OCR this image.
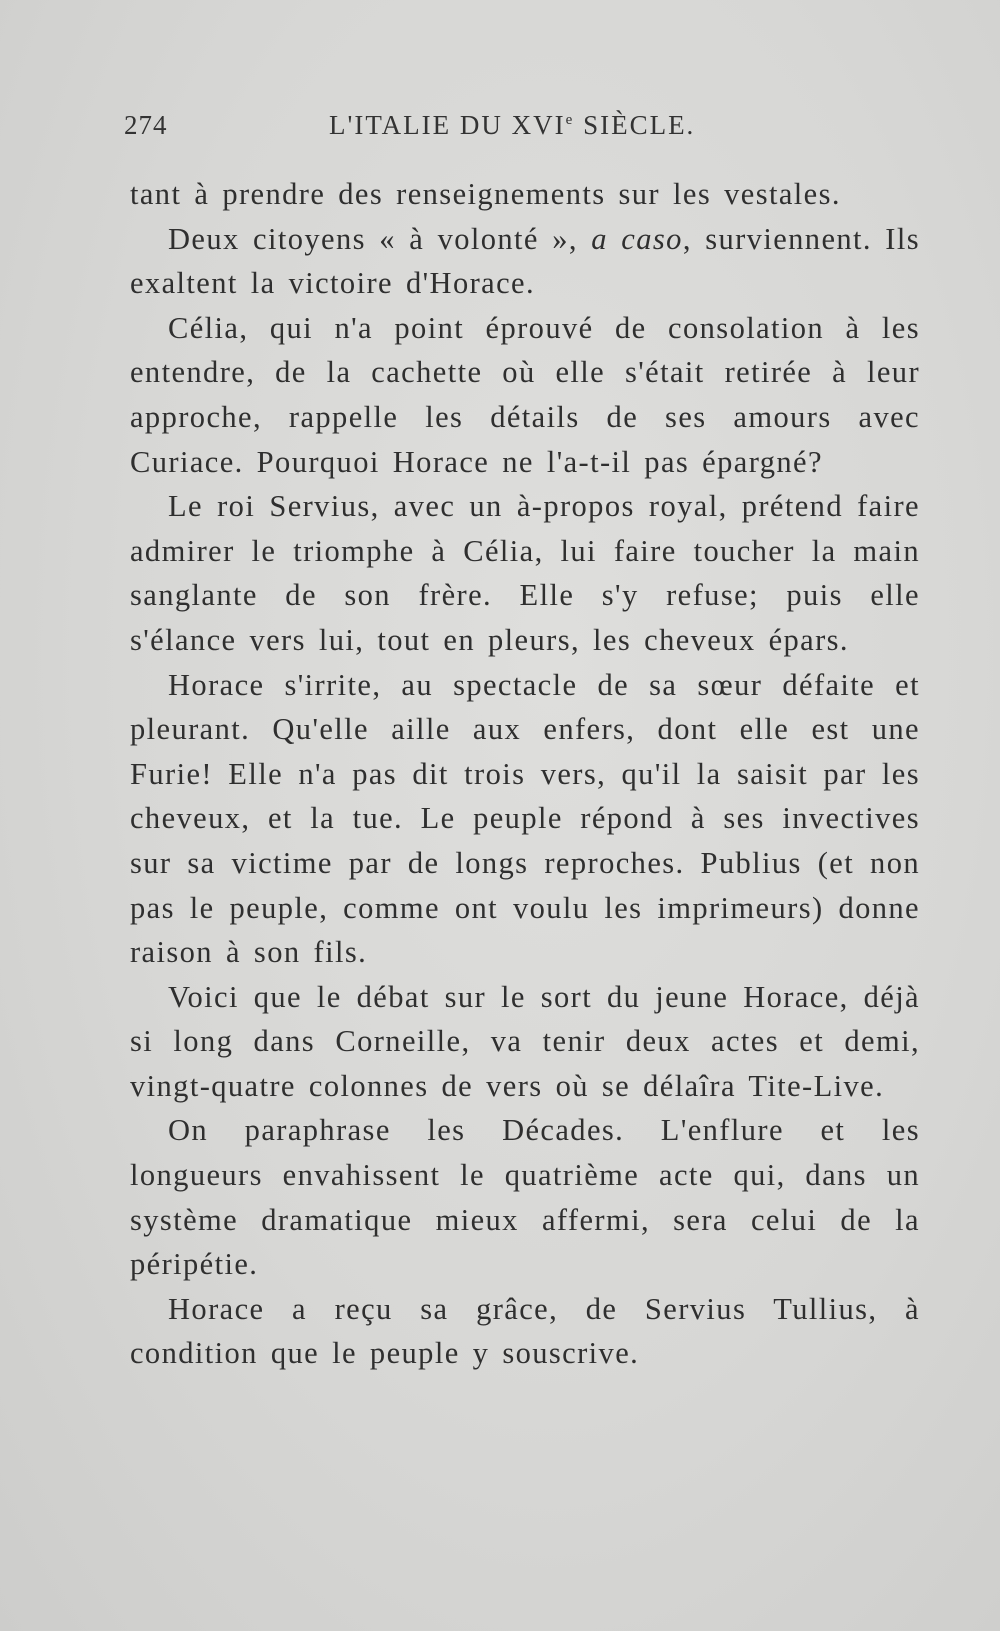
274	L'ITALIE DU XVIe SIÈCLE.

tant à prendre des renseignements sur les vestales.

Deux citoyens « à volonté », a caso, surviennent. Ils exaltent la victoire d'Horace.

Célia, qui n'a point éprouvé de consolation à les entendre, de la cachette où elle s'était retirée à leur approche, rappelle les détails de ses amours avec Curiace. Pourquoi Horace ne l'a-t-il pas épargné?

Le roi Servius, avec un à-propos royal, prétend faire admirer le triomphe à Célia, lui faire toucher la main sanglante de son frère. Elle s'y refuse; puis elle s'élance vers lui, tout en pleurs, les cheveux épars.

Horace s'irrite, au spectacle de sa sœur défaite et pleurant. Qu'elle aille aux enfers, dont elle est une Furie! Elle n'a pas dit trois vers, qu'il la saisit par les cheveux, et la tue. Le peuple répond à ses invectives sur sa victime par de longs reproches. Publius (et non pas le peuple, comme ont voulu les imprimeurs) donne raison à son fils.

Voici que le débat sur le sort du jeune Horace, déjà si long dans Corneille, va tenir deux actes et demi, vingt-quatre colonnes de vers où se délaîra Tite-Live.

On paraphrase les Décades. L'enflure et les longueurs envahissent le quatrième acte qui, dans un système dramatique mieux affermi, sera celui de la péripétie.

Horace a reçu sa grâce, de Servius Tullius, à condition que le peuple y souscrive.
